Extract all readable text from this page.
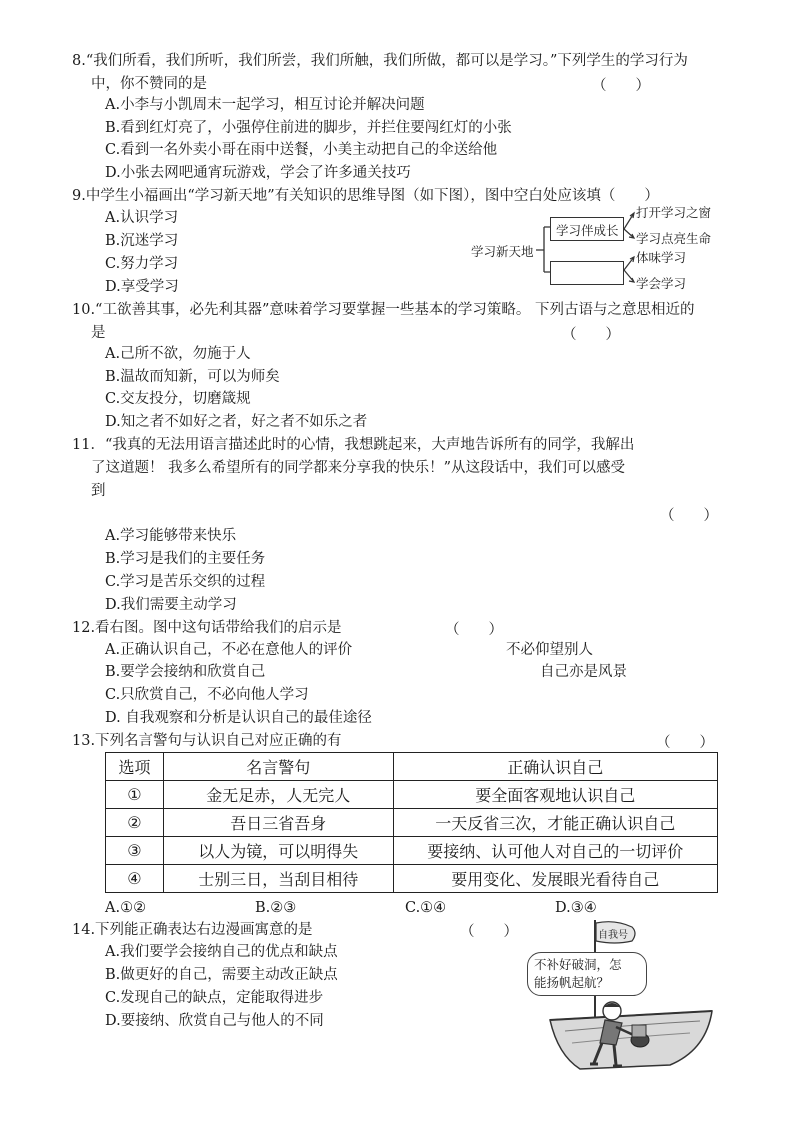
8.“我们所看，我们所听，我们所尝，我们所触，我们所做，都可以是学习。”下列学生的学习行为
中，你不赞同的是	（　　）
A.小李与小凯周末一起学习，相互讨论并解决问题
B.看到红灯亮了，小强停住前进的脚步，并拦住要闯红灯的小张
C.看到一名外卖小哥在雨中送餐，小美主动把自己的伞送给他
D.小张去网吧通宵玩游戏，学会了许多通关技巧
9.中学生小福画出“学习新天地”有关知识的思维导图（如下图），图中空白处应该填（　　）
A.认识学习
B.沉迷学习
C.努力学习
D.享受学习
学习新天地
学习伴成长
打开学习之窗
学习点亮生命
体味学习
学会学习
10.“工欲善其事，必先利其器”意味着学习要掌握一些基本的学习策略。 下列古语与之意思相近的
是	（　　）
A.己所不欲，勿施于人
B.温故而知新，可以为师矣
C.交友投分，切磨箴规
D.知之者不如好之者，好之者不如乐之者
11．“我真的无法用语言描述此时的心情，我想跳起来，大声地告诉所有的同学，我解出
了这道题！ 我多么希望所有的同学都来分享我的快乐！”从这段话中，我们可以感受
到
（　　）
A.学习能够带来快乐
B.学习是我们的主要任务
C.学习是苦乐交织的过程
D.我们需要主动学习
12.看右图。图中这句话带给我们的启示是	（　　）
A.正确认识自己，不必在意他人的评价
B.要学会接纳和欣赏自己
C.只欣赏自己，不必向他人学习
D. 自我观察和分析是认识自己的最佳途径
不必仰望别人
自己亦是风景
13.下列名言警句与认识自己对应正确的有	（　　）
选项	名言警句	正确认识自己
①	金无足赤，人无完人	要全面客观地认识自己
②	吾日三省吾身	一天反省三次，才能正确认识自己
③	以人为镜，可以明得失	要接纳、认可他人对自己的一切评价
④	士别三日，当刮目相待	要用变化、发展眼光看待自己
A.①②	B.②③	C.①④	D.③④
14.下列能正确表达右边漫画寓意的是	（　　）
A.我们要学会接纳自己的优点和缺点
B.做更好的自己，需要主动改正缺点
C.发现自己的缺点，定能取得进步
D.要接纳、欣赏自己与他人的不同
自我号
不补好破洞，怎
能扬帆起航？
